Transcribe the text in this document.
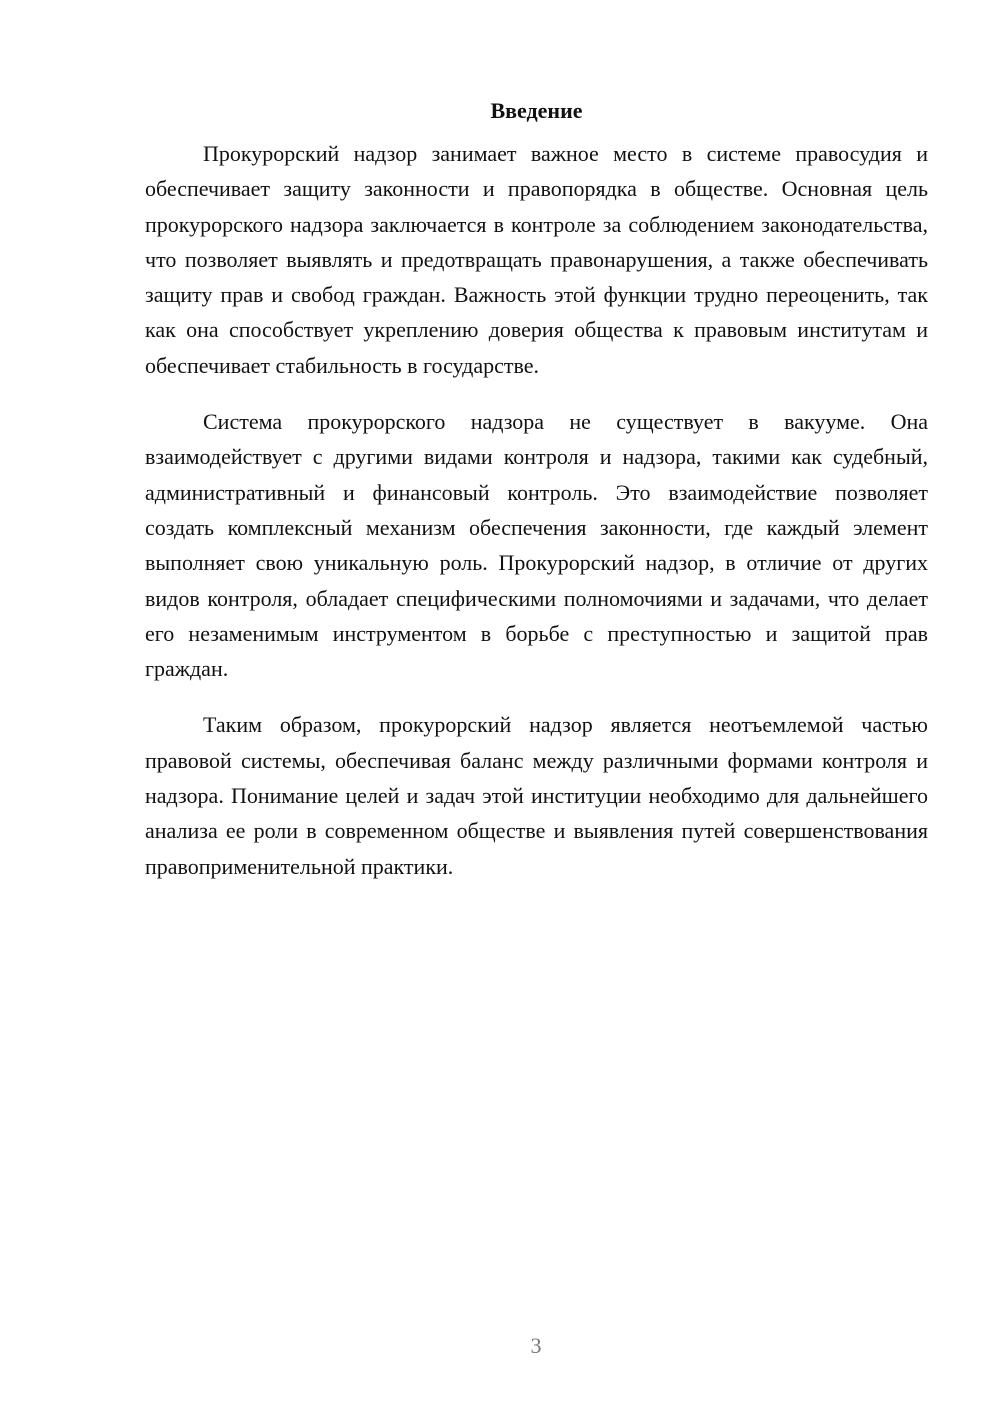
Введение

Прокурорский надзор занимает важное место в системе правосудия и обеспечивает защиту законности и правопорядка в обществе. Основная цель прокурорского надзора заключается в контроле за соблюдением законодательства, что позволяет выявлять и предотвращать правонарушения, а также обеспечивать защиту прав и свобод граждан. Важность этой функции трудно переоценить, так как она способствует укреплению доверия общества к правовым институтам и обеспечивает стабильность в государстве.

Система прокурорского надзора не существует в вакууме. Она взаимодействует с другими видами контроля и надзора, такими как судебный, административный и финансовый контроль. Это взаимодействие позволяет создать комплексный механизм обеспечения законности, где каждый элемент выполняет свою уникальную роль. Прокурорский надзор, в отличие от других видов контроля, обладает специфическими полномочиями и задачами, что делает его незаменимым инструментом в борьбе с преступностью и защитой прав граждан.

Таким образом, прокурорский надзор является неотъемлемой частью правовой системы, обеспечивая баланс между различными формами контроля и надзора. Понимание целей и задач этой институции необходимо для дальнейшего анализа ее роли в современном обществе и выявления путей совершенствования правоприменительной практики.

3
